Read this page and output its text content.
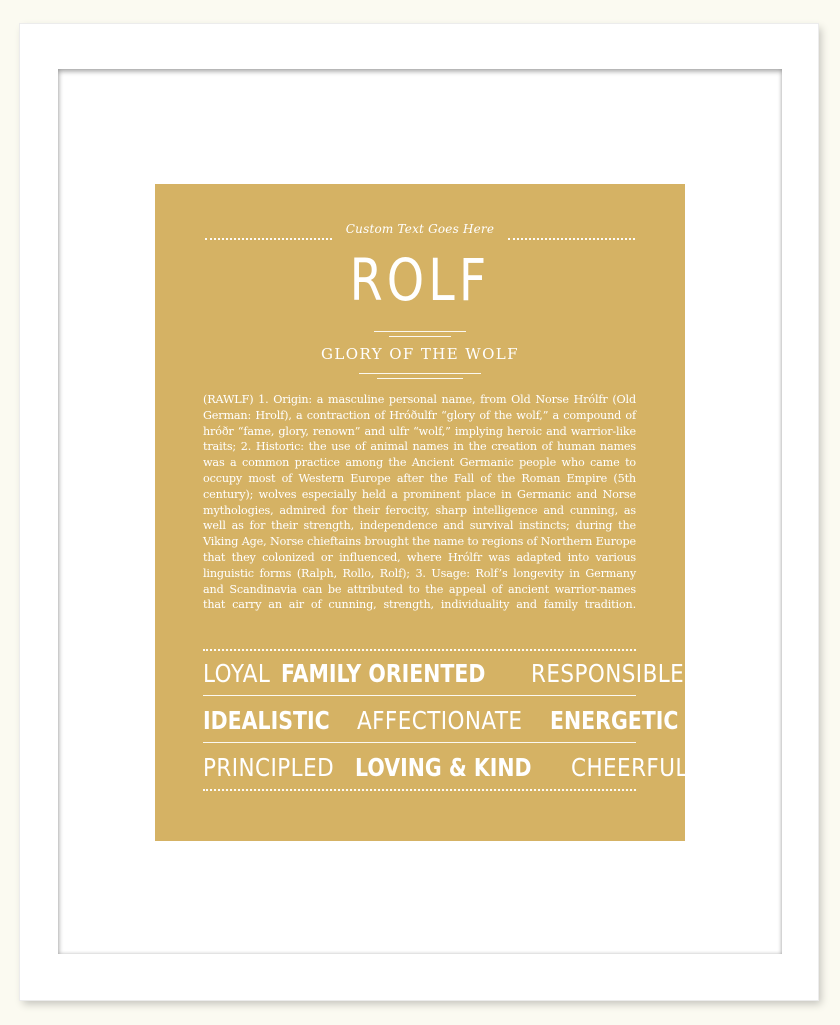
Custom Text Goes Here
ROLF
GLORY OF THE WOLF
(RAWLF) 1. Origin: a masculine personal name, from Old Norse Hrólfr (Old
German: Hrolf), a contraction of Hróðulfr “glory of the wolf,” a compound of
hróðr “fame, glory, renown” and ulfr “wolf,” implying heroic and warrior-like
traits; 2. Historic: the use of animal names in the creation of human names
was a common practice among the Ancient Germanic people who came to
occupy most of Western Europe after the Fall of the Roman Empire (5th
century); wolves especially held a prominent place in Germanic and Norse
mythologies, admired for their ferocity, sharp intelligence and cunning, as
well as for their strength, independence and survival instincts; during the
Viking Age, Norse chieftains brought the name to regions of Northern Europe
that they colonized or influenced, where Hrólfr was adapted into various
linguistic forms (Ralph, Rollo, Rolf); 3. Usage: Rolf’s longevity in Germany
and Scandinavia can be attributed to the appeal of ancient warrior-names
that carry an air of cunning, strength, individuality and family tradition.
LOYAL FAMILY ORIENTED RESPONSIBLE
IDEALISTIC AFFECTIONATE ENERGETIC
PRINCIPLED LOVING & KIND CHEERFUL
